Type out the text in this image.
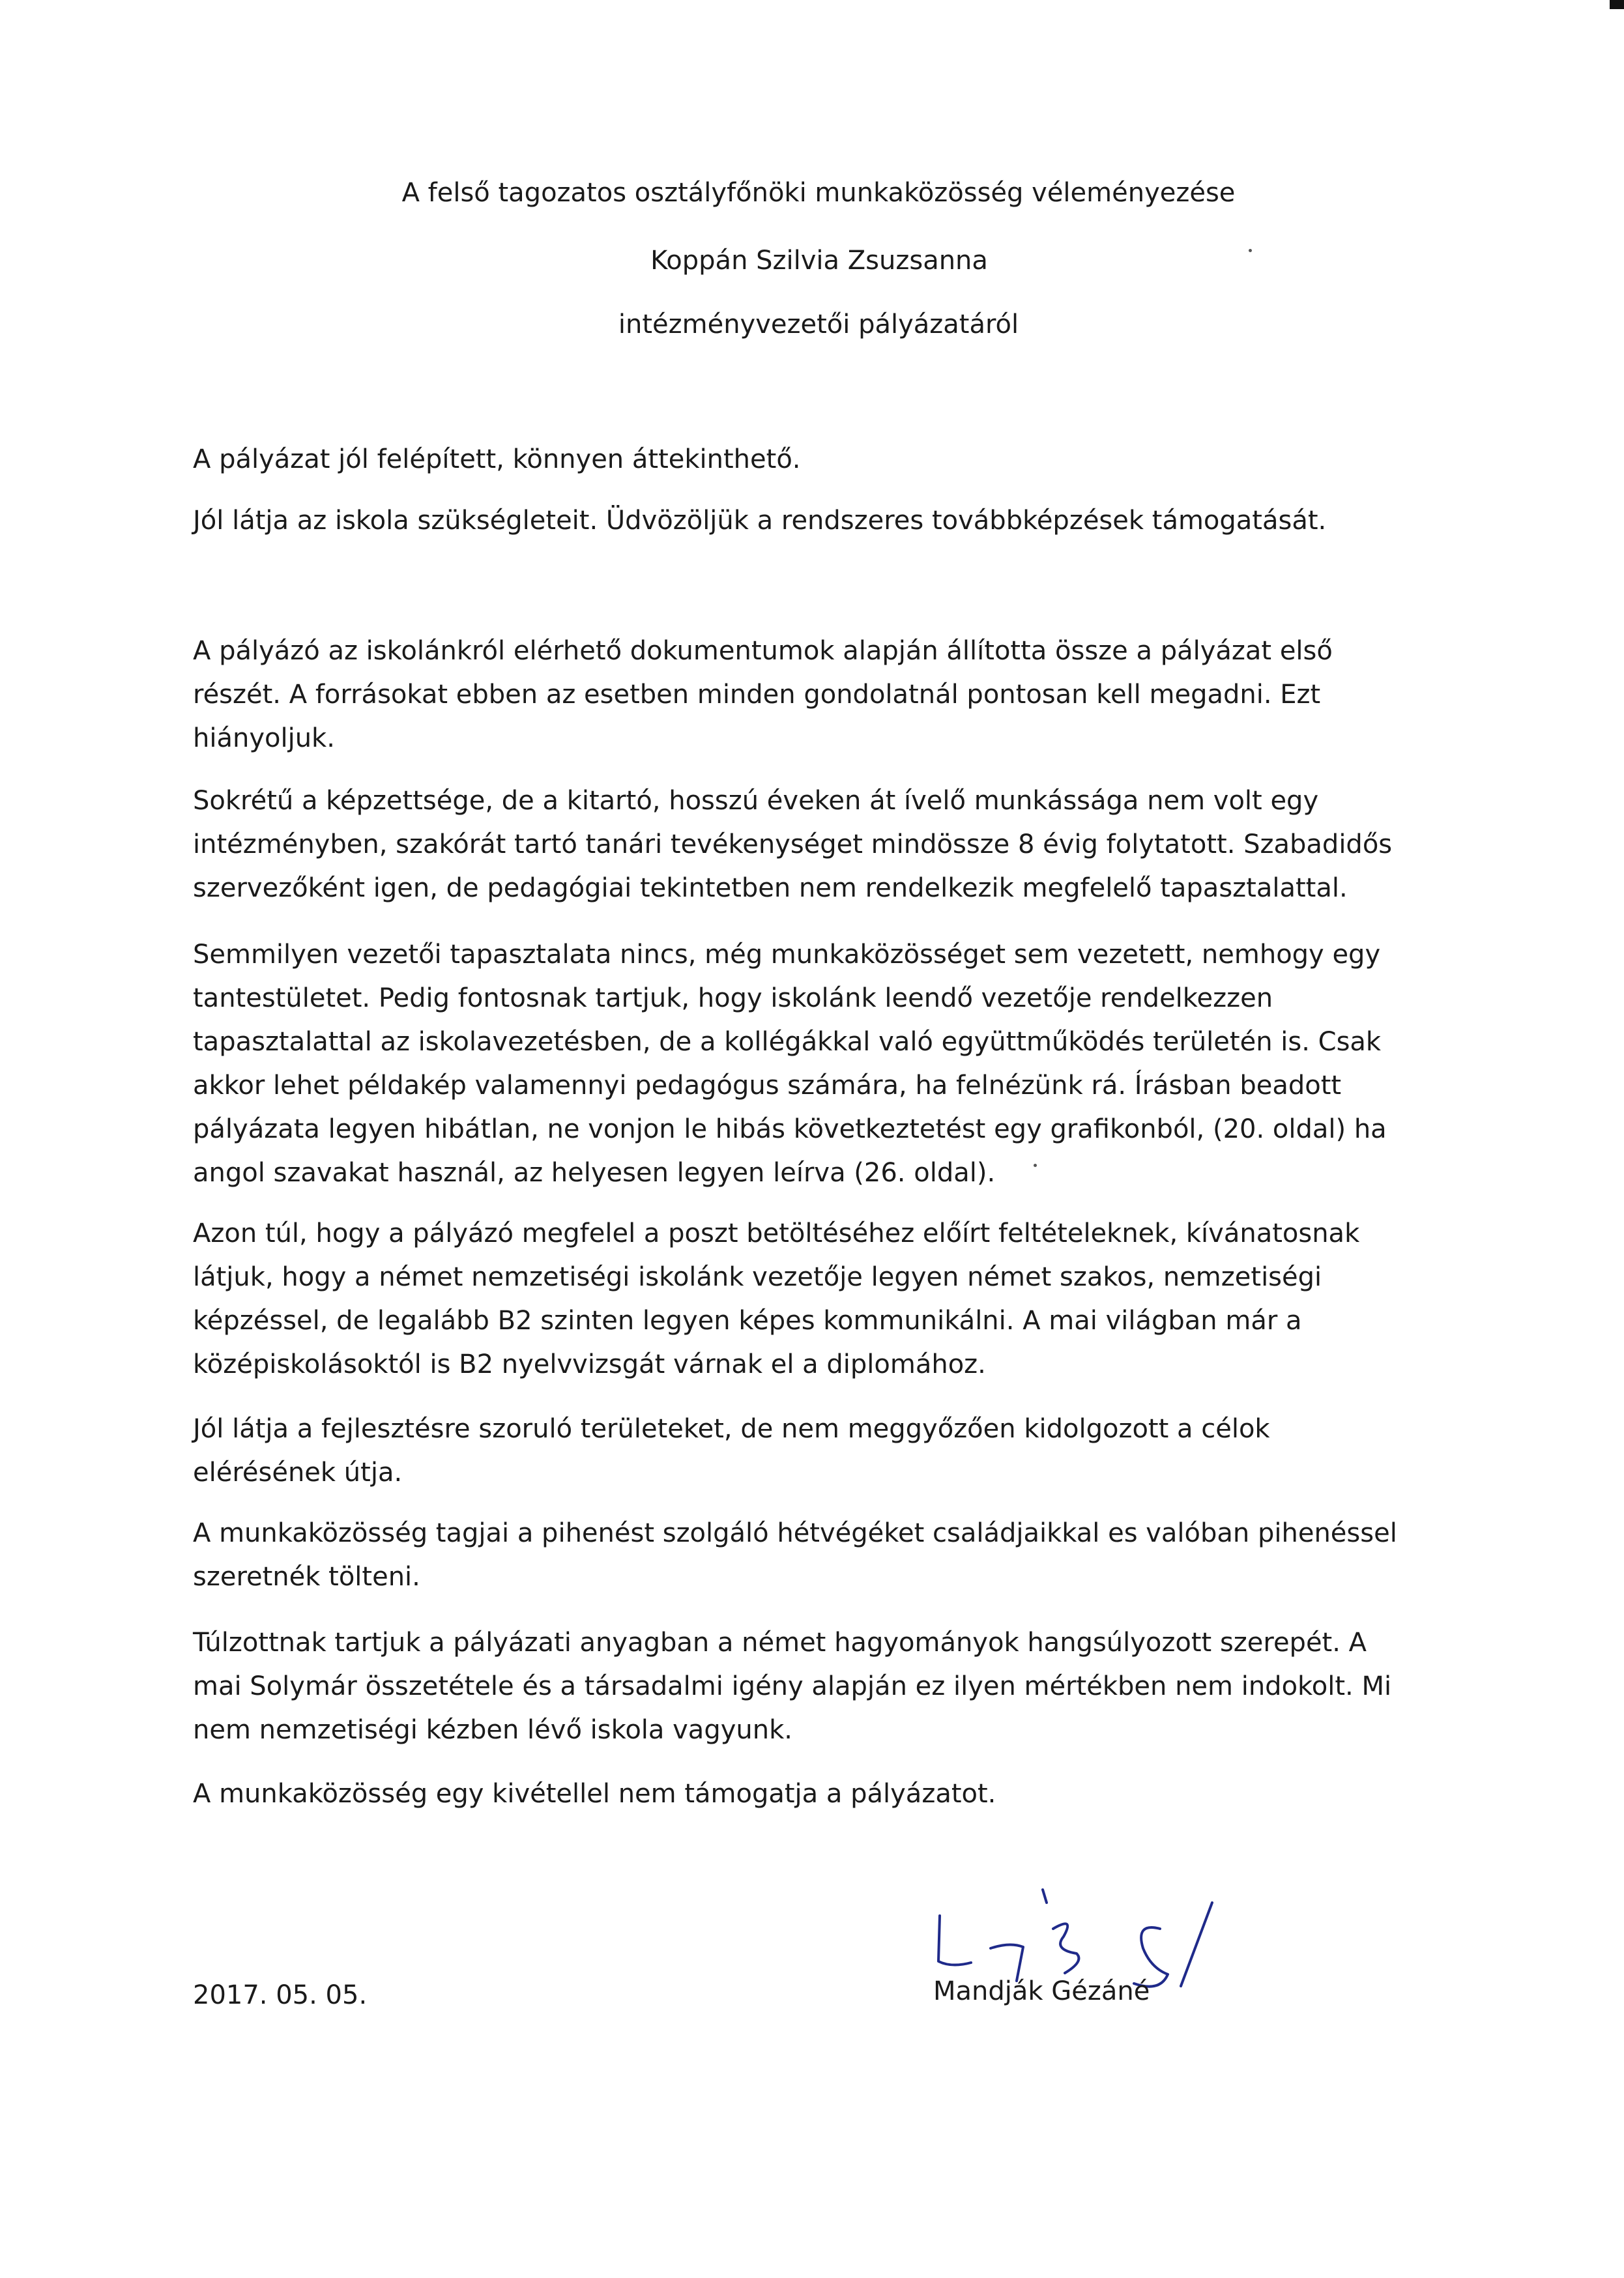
A felső tagozatos osztályfőnöki munkaközösség véleményezése

Koppán Szilvia Zsuzsanna

intézményvezetői pályázatáról

A pályázat jól felépített, könnyen áttekinthető.

Jól látja az iskola szükségleteit. Üdvözöljük a rendszeres továbbképzések támogatását.

A pályázó az iskolánkról elérhető dokumentumok alapján állította össze a pályázat első
részét. A forrásokat ebben az esetben minden gondolatnál pontosan kell megadni. Ezt
hiányoljuk.

Sokrétű a képzettsége, de a kitartó, hosszú éveken át ívelő munkássága nem volt egy
intézményben, szakórát tartó tanári tevékenységet mindössze 8 évig folytatott. Szabadidős
szervezőként igen, de pedagógiai tekintetben nem rendelkezik megfelelő tapasztalattal.

Semmilyen vezetői tapasztalata nincs, még munkaközösséget sem vezetett, nemhogy egy
tantestületet. Pedig fontosnak tartjuk, hogy iskolánk leendő vezetője rendelkezzen
tapasztalattal az iskolavezetésben, de a kollégákkal való együttműködés területén is. Csak
akkor lehet példakép valamennyi pedagógus számára, ha felnézünk rá. Írásban beadott
pályázata legyen hibátlan, ne vonjon le hibás következtetést egy grafikonból, (20. oldal) ha
angol szavakat használ, az helyesen legyen leírva (26. oldal).

Azon túl, hogy a pályázó megfelel a poszt betöltéséhez előírt feltételeknek, kívánatosnak
látjuk, hogy a német nemzetiségi iskolánk vezetője legyen német szakos, nemzetiségi
képzéssel, de legalább B2 szinten legyen képes kommunikálni. A mai világban már a
középiskolásoktól is B2 nyelvvizsgát várnak el a diplomához.

Jól látja a fejlesztésre szoruló területeket, de nem meggyőzően kidolgozott a célok
elérésének útja.

A munkaközösség tagjai a pihenést szolgáló hétvégéket családjaikkal es valóban pihenéssel
szeretnék tölteni.

Túlzottnak tartjuk a pályázati anyagban a német hagyományok hangsúlyozott szerepét. A
mai Solymár összetétele és a társadalmi igény alapján ez ilyen mértékben nem indokolt. Mi
nem nemzetiségi kézben lévő iskola vagyunk.

A munkaközösség egy kivétellel nem támogatja a pályázatot.

2017. 05. 05.	Mandják Gézáné
